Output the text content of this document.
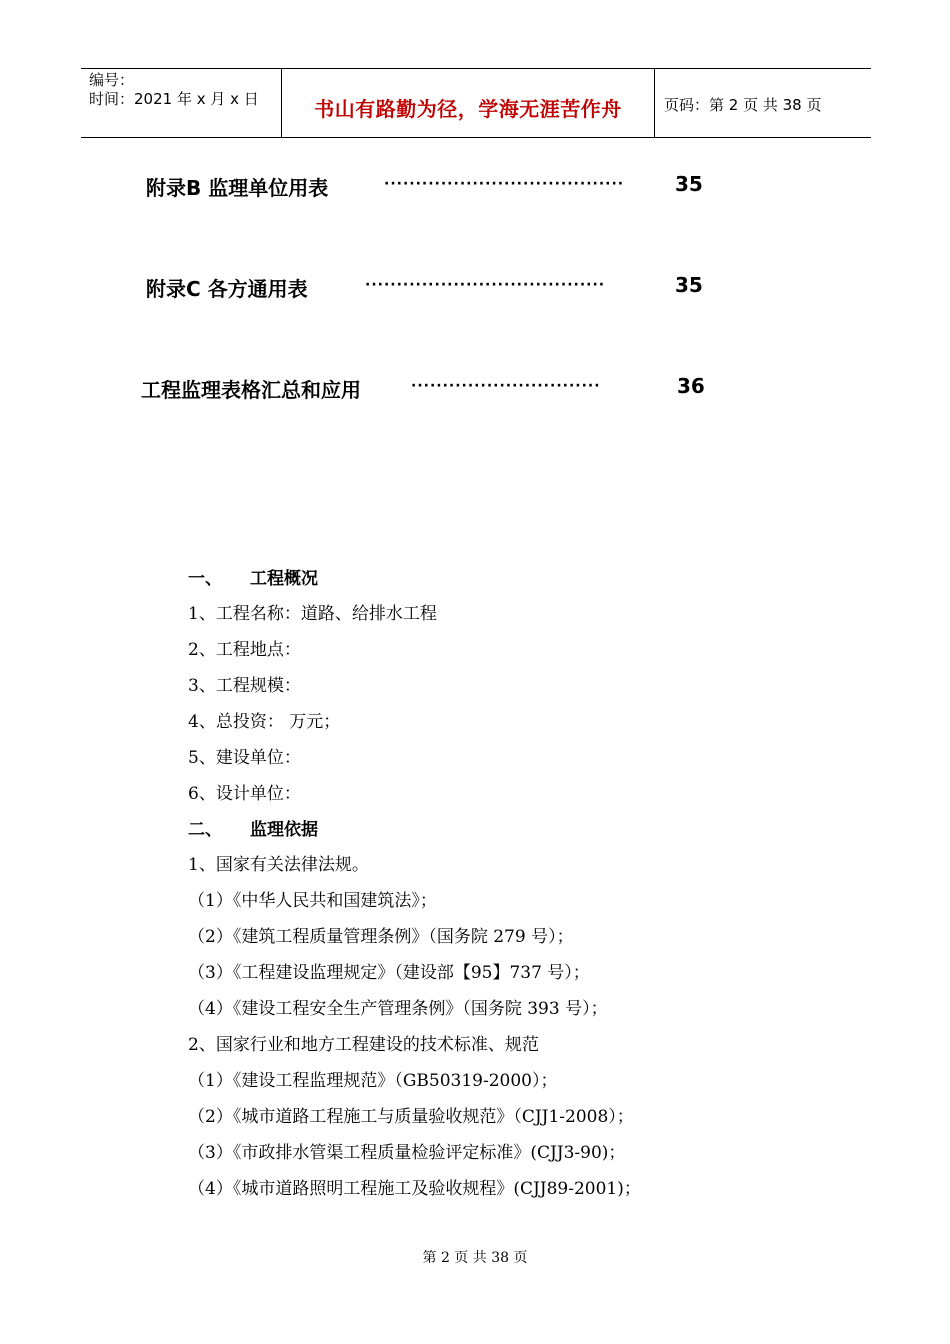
编号：
时间：2021 年 x 月 x 日	书山有路勤为径，学海无涯苦作舟	页码：第 2 页 共 38 页
附录B 监理单位用表	······································	35
附录C 各方通用表	······································	35
工程监理表格汇总和应用	······························	36
一、 工程概况
1、工程名称：道路、给排水工程
2、工程地点：
3、工程规模：
4、总投资： 万元；
5、建设单位：
6、设计单位：
二、 监理依据
1、国家有关法律法规。
（1）《中华人民共和国建筑法》；
（2）《建筑工程质量管理条例》（国务院 279 号）；
（3）《工程建设监理规定》（建设部【95】737 号）；
（4）《建设工程安全生产管理条例》（国务院 393 号）；
2、国家行业和地方工程建设的技术标准、规范
（1）《建设工程监理规范》（GB50319-2000）；
（2）《城市道路工程施工与质量验收规范》（CJJ1-2008）；
（3）《市政排水管渠工程质量检验评定标准》(CJJ3-90)；
（4）《城市道路照明工程施工及验收规程》(CJJ89-2001)；
第 2 页 共 38 页
